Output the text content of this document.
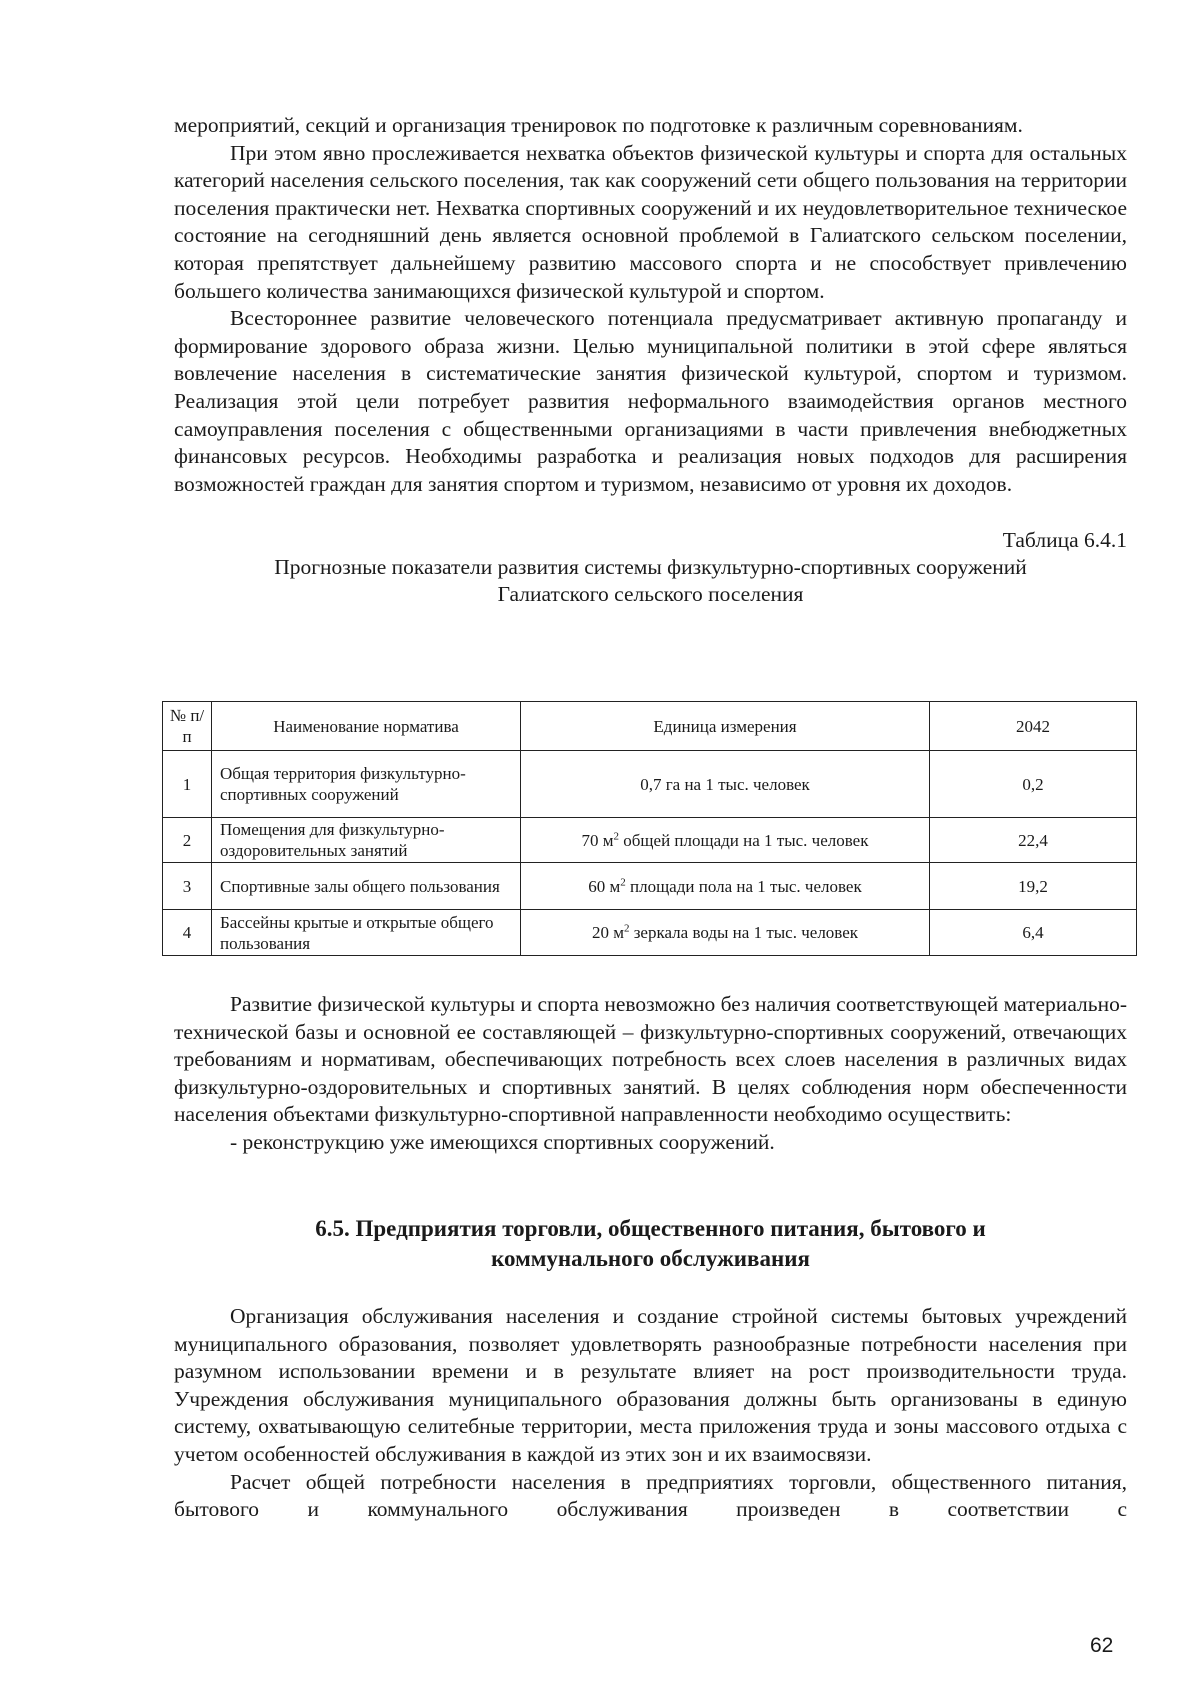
мероприятий, секций и организация тренировок по подготовке к различным соревнованиям.

При этом явно прослеживается нехватка объектов физической культуры и спорта для остальных категорий населения сельского поселения, так как сооружений сети общего пользования на территории поселения практически нет. Нехватка спортивных сооружений и их неудовлетворительное техническое состояние на сегодняшний день является основной проблемой в Галиатского сельском поселении, которая препятствует дальнейшему развитию массового спорта и не способствует привлечению большего количества занимающихся физической культурой и спортом.

Всестороннее развитие человеческого потенциала предусматривает активную пропаганду и формирование здорового образа жизни. Целью муниципальной политики в этой сфере являться вовлечение населения в систематические занятия физической культурой, спортом и туризмом. Реализация этой цели потребует развития неформального взаимодействия органов местного самоуправления поселения с общественными организациями в части привлечения внебюджетных финансовых ресурсов. Необходимы разработка и реализация новых подходов для расширения возможностей граждан для занятия спортом и туризмом, независимо от уровня их доходов.

Таблица 6.4.1
Прогнозные показатели развития системы физкультурно-спортивных сооружений
Галиатского сельского поселения
№ п/п	Наименование норматива	Единица измерения	2042
1	Общая территория физкультурно-спортивных сооружений	0,7 га на 1 тыс. человек	0,2
2	Помещения для физкультурно-оздоровительных занятий	70 $м^2$ общей площади на 1 тыс. человек	22,4
3	Спортивные залы общего пользования	60 $м^2$ площади пола на 1 тыс. человек	19,2
4	Бассейны крытые и открытые общего пользования	20 $м^2$ зеркала воды на 1 тыс. человек	6,4

Развитие физической культуры и спорта невозможно без наличия соответствующей материально-технической базы и основной ее составляющей – физкультурно-спортивных сооружений, отвечающих требованиям и нормативам, обеспечивающих потребность всех слоев населения в различных видах физкультурно-оздоровительных и спортивных занятий. В целях соблюдения норм обеспеченности населения объектами физкультурно-спортивной направленности необходимо осуществить:

- реконструкцию уже имеющихся спортивных сооружений.

6.5. Предприятия торговли, общественного питания, бытового и
коммунального обслуживания

Организация обслуживания населения и создание стройной системы бытовых учреждений муниципального образования, позволяет удовлетворять разнообразные потребности населения при разумном использовании времени и в результате влияет на рост производительности труда. Учреждения обслуживания муниципального образования должны быть организованы в единую систему, охватывающую селитебные территории, места приложения труда и зоны массового отдыха с учетом особенностей обслуживания в каждой из этих зон и их взаимосвязи.

Расчет общей потребности населения в предприятиях торговли, общественного питания, бытового и коммунального обслуживания произведен в соответствии с

62
